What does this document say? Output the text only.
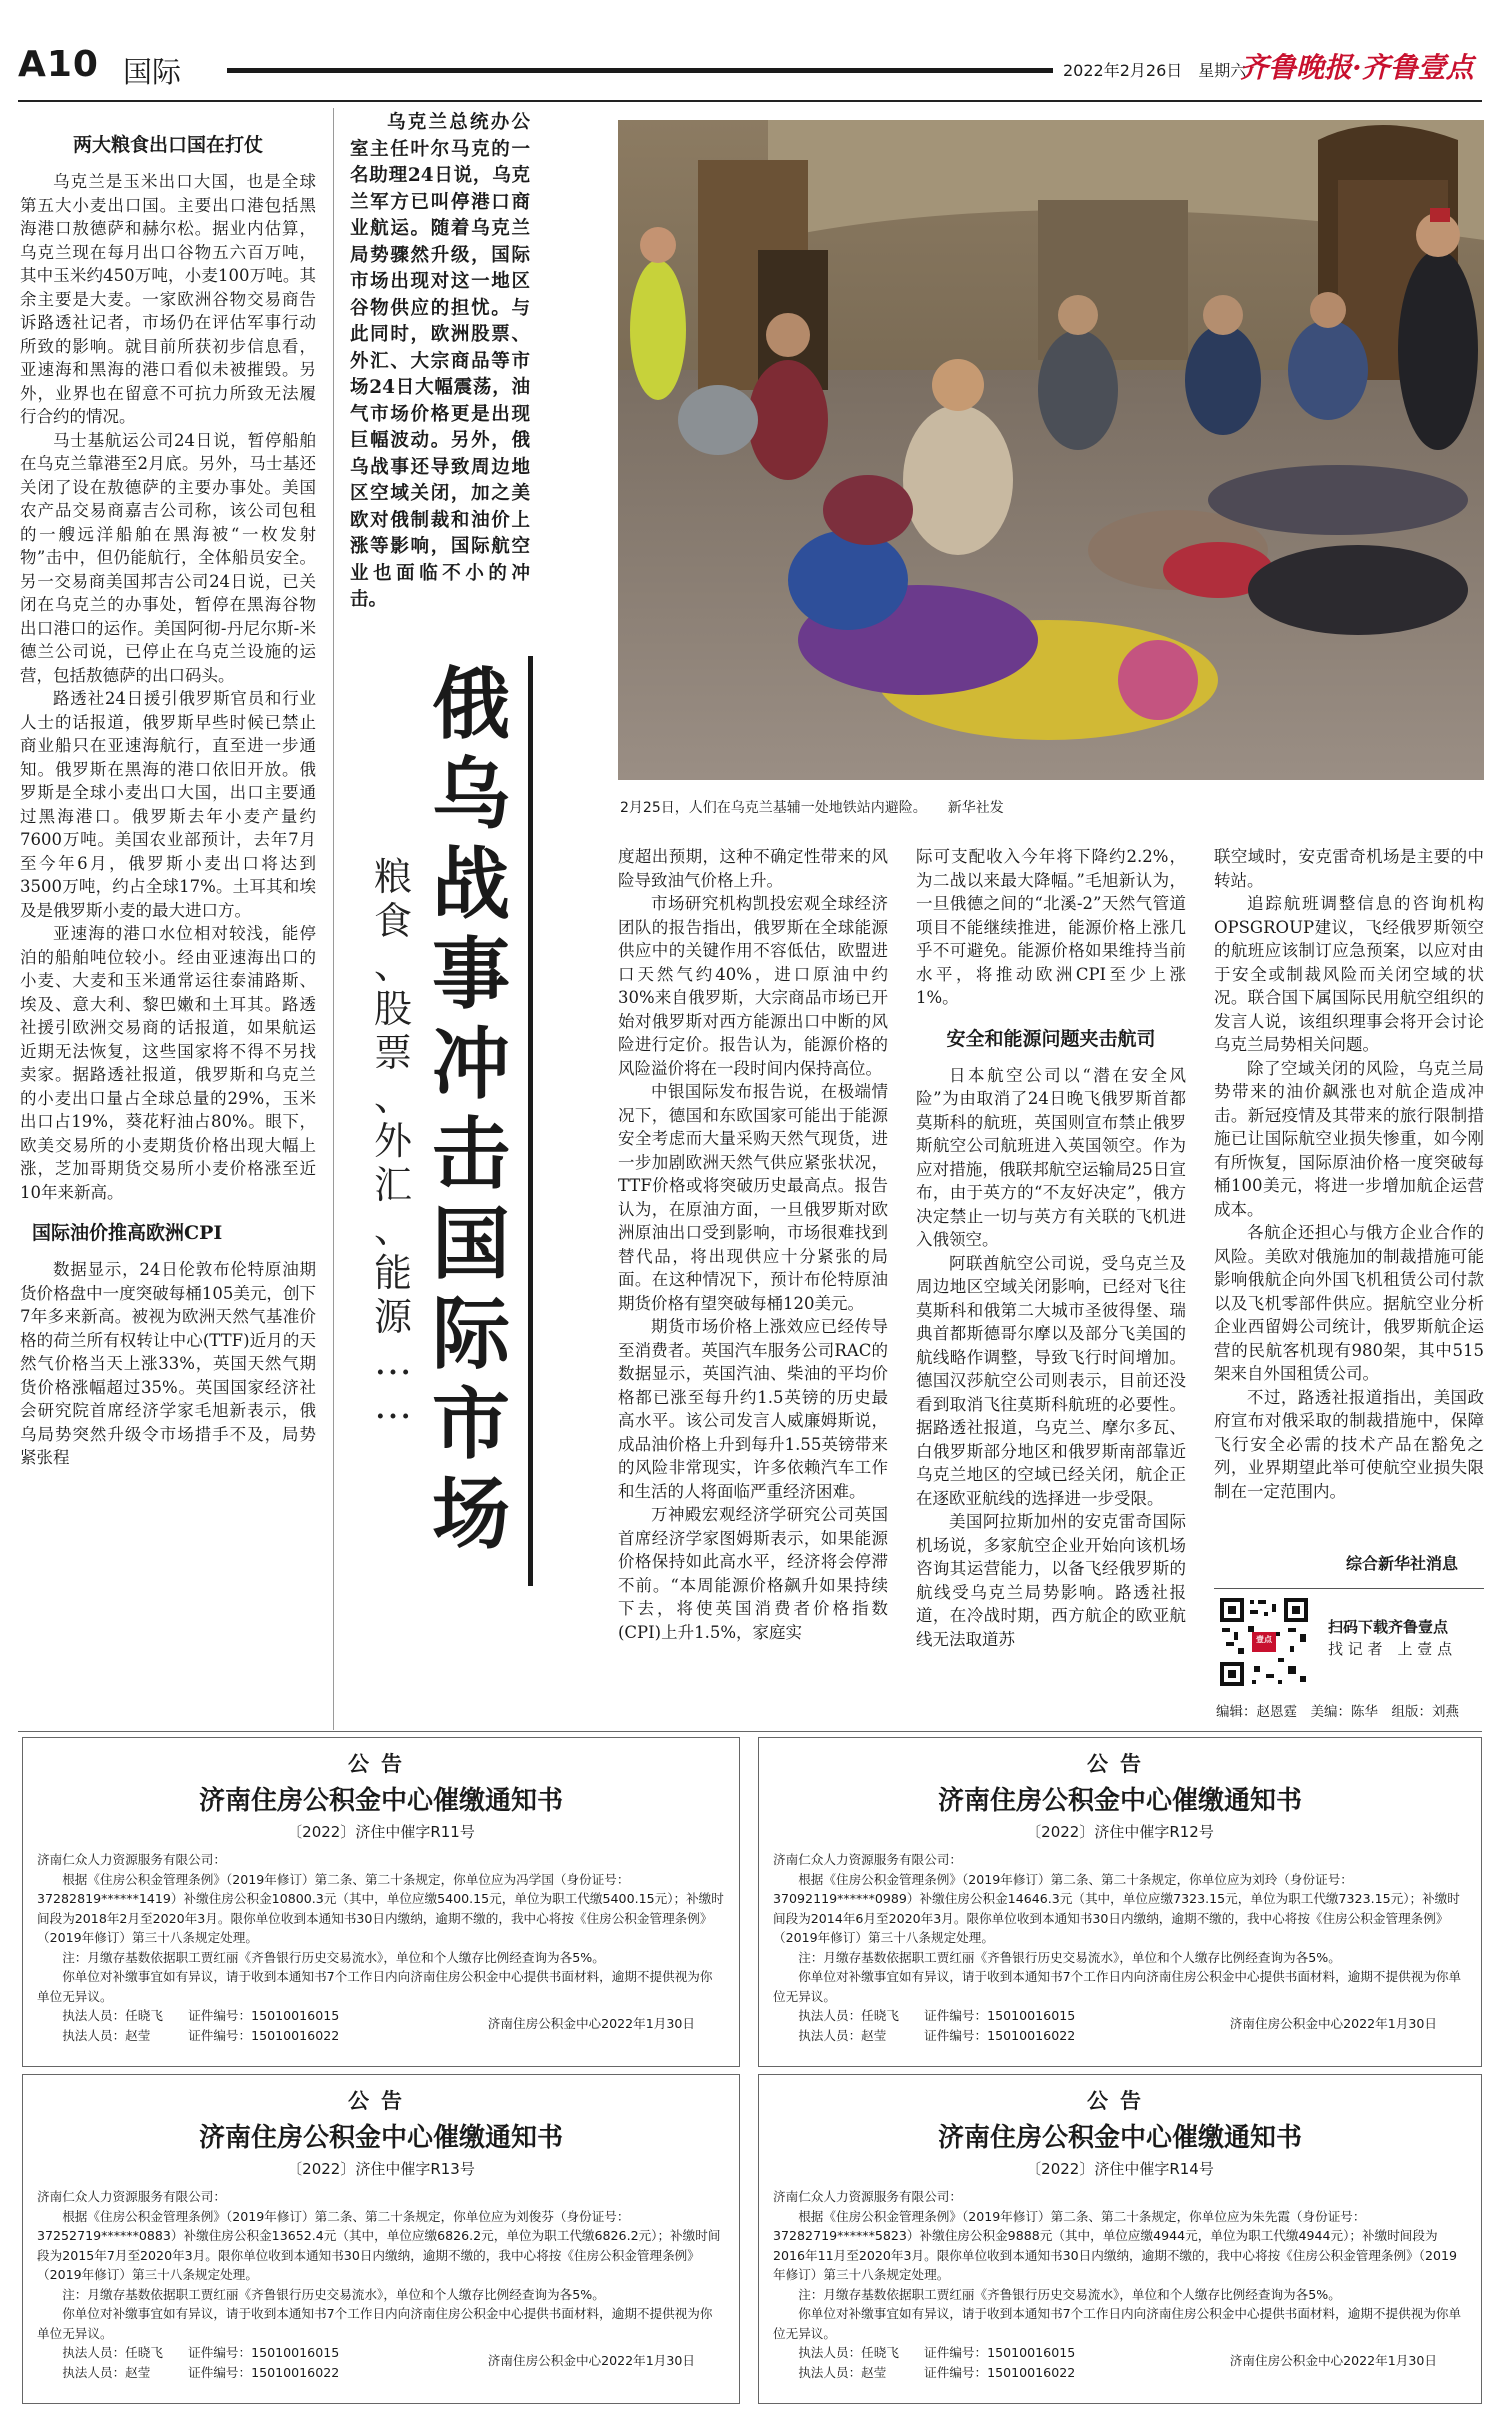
A10 国际	2022年2月26日　星期六
齐鲁晚报·齐鲁壹点
两大粮食出口国在打仗

乌克兰是玉米出口大国，也是全球第五大小麦出口国。主要出口港包括黑海港口敖德萨和赫尔松。据业内估算，乌克兰现在每月出口谷物五六百万吨，其中玉米约450万吨，小麦100万吨。其余主要是大麦。一家欧洲谷物交易商告诉路透社记者，市场仍在评估军事行动所致的影响。就目前所获初步信息看，亚速海和黑海的港口看似未被摧毁。另外，业界也在留意不可抗力所致无法履行合约的情况。

马士基航运公司24日说，暂停船舶在乌克兰靠港至2月底。另外，马士基还关闭了设在敖德萨的主要办事处。美国农产品交易商嘉吉公司称，该公司包租的一艘远洋船舶在黑海被“一枚发射物”击中，但仍能航行，全体船员安全。另一交易商美国邦吉公司24日说，已关闭在乌克兰的办事处，暂停在黑海谷物出口港口的运作。美国阿彻-丹尼尔斯-米德兰公司说，已停止在乌克兰设施的运营，包括敖德萨的出口码头。

路透社24日援引俄罗斯官员和行业人士的话报道，俄罗斯早些时候已禁止商业船只在亚速海航行，直至进一步通知。俄罗斯在黑海的港口依旧开放。俄罗斯是全球小麦出口大国，出口主要通过黑海港口。俄罗斯去年小麦产量约7600万吨。美国农业部预计，去年7月至今年6月，俄罗斯小麦出口将达到3500万吨，约占全球17%。土耳其和埃及是俄罗斯小麦的最大进口方。

亚速海的港口水位相对较浅，能停泊的船舶吨位较小。经由亚速海出口的小麦、大麦和玉米通常运往泰浦路斯、埃及、意大利、黎巴嫩和土耳其。路透社援引欧洲交易商的话报道，如果航运近期无法恢复，这些国家将不得不另找卖家。据路透社报道，俄罗斯和乌克兰的小麦出口量占全球总量的29%，玉米出口占19%，葵花籽油占80%。眼下，欧美交易所的小麦期货价格出现大幅上涨，芝加哥期货交易所小麦价格涨至近10年来新高。

国际油价推高欧洲CPI

数据显示，24日伦敦布伦特原油期货价格盘中一度突破每桶105美元，创下7年多来新高。被视为欧洲天然气基准价格的荷兰所有权转让中心(TTF)近月的天然气价格当天上涨33%，英国天然气期货价格涨幅超过35%。英国国家经济社会研究院首席经济学家毛旭新表示，俄乌局势突然升级令市场措手不及，局势紧张程

乌克兰总统办公室主任叶尔马克的一名助理24日说，乌克兰军方已叫停港口商业航运。随着乌克兰局势骤然升级，国际市场出现对这一地区谷物供应的担忧。与此同时，欧洲股票、外汇、大宗商品等市场24日大幅震荡，油气市场价格更是出现巨幅波动。另外，俄乌战事还导致周边地区空域关闭，加之美欧对俄制裁和油价上涨等影响，国际航空业也面临不小的冲击。

2月25日，人们在乌克兰基辅一处地铁站内避险。　　新华社发
俄
乌
战
事
冲
击
国
际
市
场
粮
食
、
股
票
、
外
汇
、
能
源
…
…

度超出预期，这种不确定性带来的风险导致油气价格上升。

市场研究机构凯投宏观全球经济团队的报告指出，俄罗斯在全球能源供应中的关键作用不容低估，欧盟进口天然气约40%，进口原油中约30%来自俄罗斯，大宗商品市场已开始对俄罗斯对西方能源出口中断的风险进行定价。报告认为，能源价格的风险溢价将在一段时间内保持高位。

中银国际发布报告说，在极端情况下，德国和东欧国家可能出于能源安全考虑而大量采购天然气现货，进一步加剧欧洲天然气供应紧张状况，TTF价格或将突破历史最高点。报告认为，在原油方面，一旦俄罗斯对欧洲原油出口受到影响，市场很难找到替代品，将出现供应十分紧张的局面。在这种情况下，预计布伦特原油期货价格有望突破每桶120美元。

期货市场价格上涨效应已经传导至消费者。英国汽车服务公司RAC的数据显示，英国汽油、柴油的平均价格都已涨至每升约1.5英镑的历史最高水平。该公司发言人威廉姆斯说，成品油价格上升到每升1.55英镑带来的风险非常现实，许多依赖汽车工作和生活的人将面临严重经济困难。

万神殿宏观经济学研究公司英国首席经济学家图姆斯表示，如果能源价格保持如此高水平，经济将会停滞不前。“本周能源价格飙升如果持续下去，将使英国消费者价格指数(CPI)上升1.5%，家庭实

际可支配收入今年将下降约2.2%，为二战以来最大降幅。”毛旭新认为，一旦俄德之间的“北溪-2”天然气管道项目不能继续推进，能源价格上涨几乎不可避免。能源价格如果维持当前水平，将推动欧洲CPI至少上涨1%。

安全和能源问题夹击航司

日本航空公司以“潜在安全风险”为由取消了24日晚飞俄罗斯首都莫斯科的航班，英国则宣布禁止俄罗斯航空公司航班进入英国领空。作为应对措施，俄联邦航空运输局25日宣布，由于英方的“不友好决定”，俄方决定禁止一切与英方有关联的飞机进入俄领空。

阿联酋航空公司说，受乌克兰及周边地区空域关闭影响，已经对飞往莫斯科和俄第二大城市圣彼得堡、瑞典首都斯德哥尔摩以及部分飞美国的航线略作调整，导致飞行时间增加。德国汉莎航空公司则表示，目前还没看到取消飞往莫斯科航班的必要性。据路透社报道，乌克兰、摩尔多瓦、白俄罗斯部分地区和俄罗斯南部靠近乌克兰地区的空域已经关闭，航企正在逐欧亚航线的选择进一步受限。

美国阿拉斯加州的安克雷奇国际机场说，多家航空企业开始向该机场咨询其运营能力，以备飞经俄罗斯的航线受乌克兰局势影响。路透社报道，在冷战时期，西方航企的欧亚航线无法取道苏

联空域时，安克雷奇机场是主要的中转站。

追踪航班调整信息的咨询机构OPSGROUP建议，飞经俄罗斯领空的航班应该制订应急预案，以应对由于安全或制裁风险而关闭空域的状况。联合国下属国际民用航空组织的发言人说，该组织理事会将开会讨论乌克兰局势相关问题。

除了空域关闭的风险，乌克兰局势带来的油价飙涨也对航企造成冲击。新冠疫情及其带来的旅行限制措施已让国际航空业损失惨重，如今刚有所恢复，国际原油价格一度突破每桶100美元，将进一步增加航企运营成本。

各航企还担心与俄方企业合作的风险。美欧对俄施加的制裁措施可能影响俄航企向外国飞机租赁公司付款以及飞机零部件供应。据航空业分析企业西留姆公司统计，俄罗斯航企运营的民航客机现有980架，其中515架来自外国租赁公司。

不过，路透社报道指出，美国政府宣布对俄采取的制裁措施中，保障飞行安全必需的技术产品在豁免之列，业界期望此举可使航空业损失限制在一定范围内。

综合新华社消息
壹点
扫码下载齐鲁壹点
找 记 者　上 壹 点
编辑：赵恩霆　美编：陈华　组版：刘燕
公告
济南住房公积金中心催缴通知书
〔2022〕济住中催字R11号
济南仁众人力资源服务有限公司：
根据《住房公积金管理条例》（2019年修订）第二条、第二十条规定，你单位应为冯学国（身份证号：37282819******1419）补缴住房公积金10800.3元（其中，单位应缴5400.15元，单位为职工代缴5400.15元）；补缴时间段为2018年2月至2020年3月。限你单位收到本通知书30日内缴纳，逾期不缴的，我中心将按《住房公积金管理条例》（2019年修订）第三十八条规定处理。
注：月缴存基数依据职工贾红丽《齐鲁银行历史交易流水》，单位和个人缴存比例经查询为各5%。
你单位对补缴事宜如有异议，请于收到本通知书7个工作日内向济南住房公积金中心提供书面材料，逾期不提供视为你单位无异议。
执法人员：任晓飞　　证件编号：15010016015
执法人员：赵莹　　　证件编号：15010016022
济南住房公积金中心2022年1月30日
公告
济南住房公积金中心催缴通知书
〔2022〕济住中催字R12号
济南仁众人力资源服务有限公司：
根据《住房公积金管理条例》（2019年修订）第二条、第二十条规定，你单位应为刘玲（身份证号：37092119******0989）补缴住房公积金14646.3元（其中，单位应缴7323.15元，单位为职工代缴7323.15元）；补缴时间段为2014年6月至2020年3月。限你单位收到本通知书30日内缴纳，逾期不缴的，我中心将按《住房公积金管理条例》（2019年修订）第三十八条规定处理。
注：月缴存基数依据职工贾红丽《齐鲁银行历史交易流水》，单位和个人缴存比例经查询为各5%。
你单位对补缴事宜如有异议，请于收到本通知书7个工作日内向济南住房公积金中心提供书面材料，逾期不提供视为你单位无异议。
执法人员：任晓飞　　证件编号：15010016015
执法人员：赵莹　　　证件编号：15010016022
济南住房公积金中心2022年1月30日
公告
济南住房公积金中心催缴通知书
〔2022〕济住中催字R13号
济南仁众人力资源服务有限公司：
根据《住房公积金管理条例》（2019年修订）第二条、第二十条规定，你单位应为刘俊芬（身份证号：37252719******0883）补缴住房公积金13652.4元（其中，单位应缴6826.2元，单位为职工代缴6826.2元）；补缴时间段为2015年7月至2020年3月。限你单位收到本通知书30日内缴纳，逾期不缴的，我中心将按《住房公积金管理条例》（2019年修订）第三十八条规定处理。
注：月缴存基数依据职工贾红丽《齐鲁银行历史交易流水》，单位和个人缴存比例经查询为各5%。
你单位对补缴事宜如有异议，请于收到本通知书7个工作日内向济南住房公积金中心提供书面材料，逾期不提供视为你单位无异议。
执法人员：任晓飞　　证件编号：15010016015
执法人员：赵莹　　　证件编号：15010016022
济南住房公积金中心2022年1月30日
公告
济南住房公积金中心催缴通知书
〔2022〕济住中催字R14号
济南仁众人力资源服务有限公司：
根据《住房公积金管理条例》（2019年修订）第二条、第二十条规定，你单位应为朱先霞（身份证号：37282719******5823）补缴住房公积金9888元（其中，单位应缴4944元，单位为职工代缴4944元）；补缴时间段为2016年11月至2020年3月。限你单位收到本通知书30日内缴纳，逾期不缴的，我中心将按《住房公积金管理条例》（2019年修订）第三十八条规定处理。
注：月缴存基数依据职工贾红丽《齐鲁银行历史交易流水》，单位和个人缴存比例经查询为各5%。
你单位对补缴事宜如有异议，请于收到本通知书7个工作日内向济南住房公积金中心提供书面材料，逾期不提供视为你单位无异议。
执法人员：任晓飞　　证件编号：15010016015
执法人员：赵莹　　　证件编号：15010016022
济南住房公积金中心2022年1月30日
